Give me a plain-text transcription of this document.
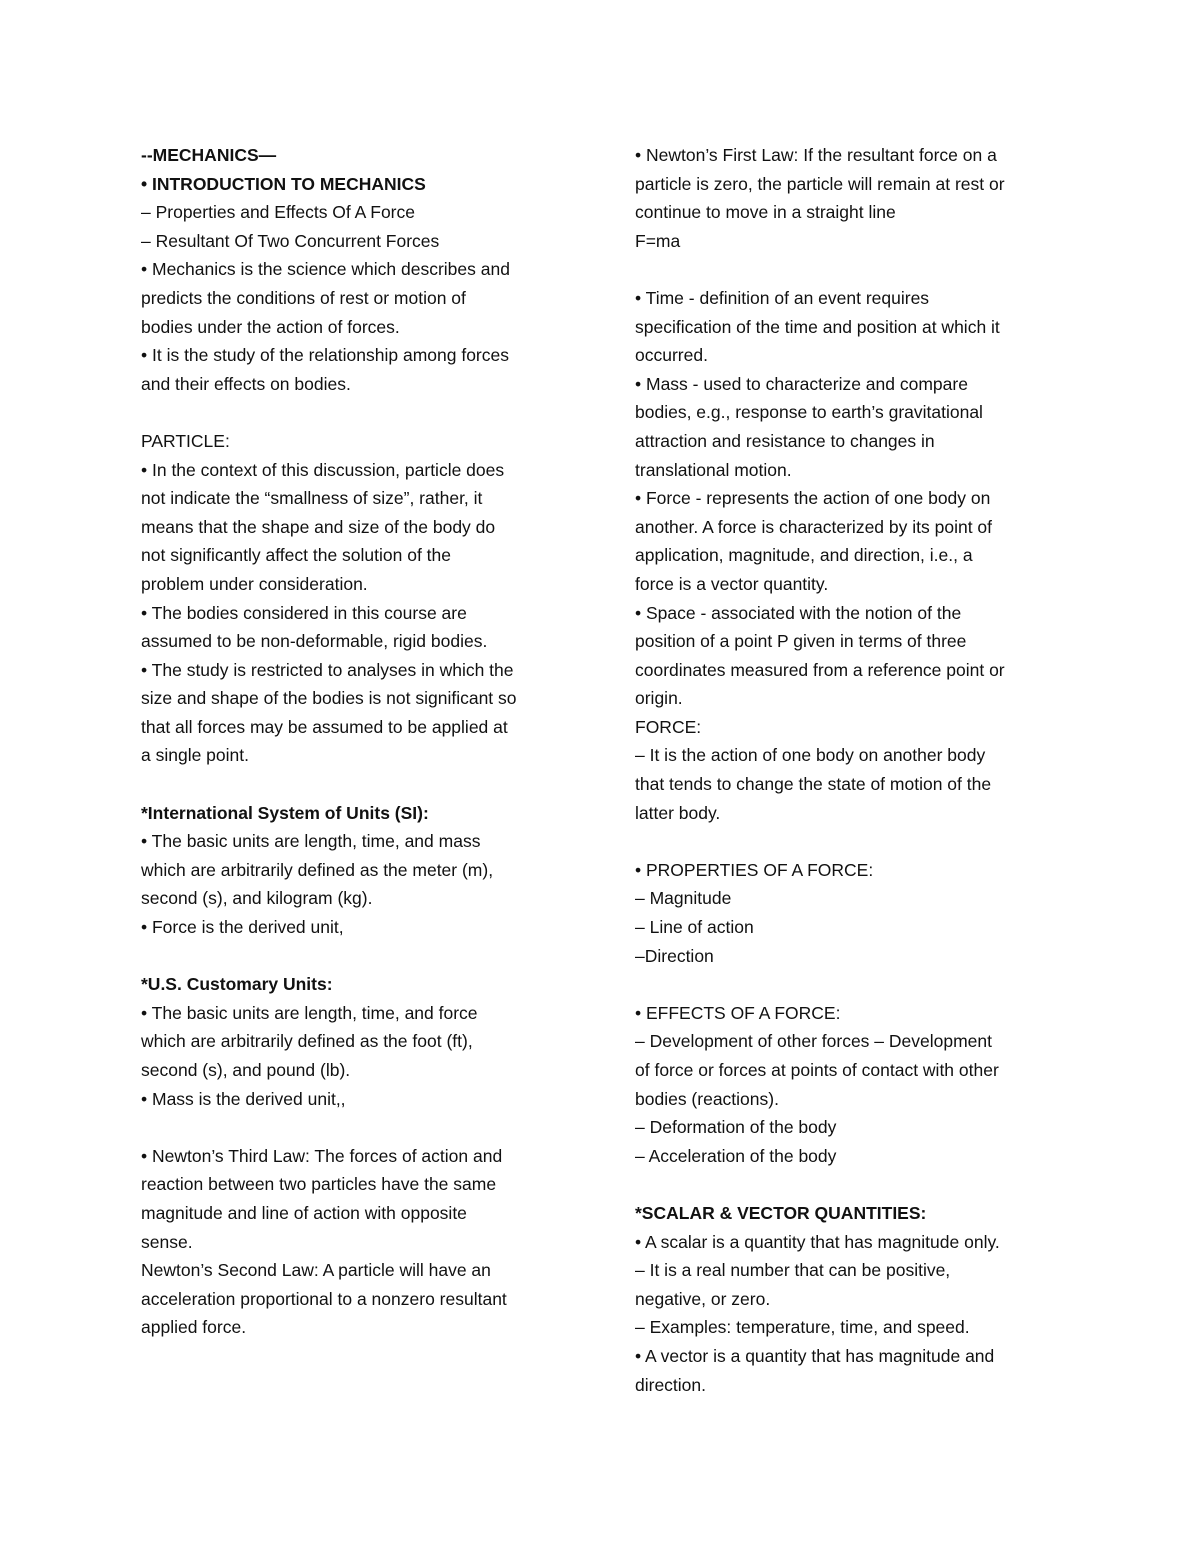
--MECHANICS—
• INTRODUCTION TO MECHANICS
– Properties and Effects Of A Force
– Resultant Of Two Concurrent Forces
• Mechanics is the science which describes and
predicts the conditions of rest or motion of
bodies under the action of forces.
• It is the study of the relationship among forces
and their effects on bodies.
PARTICLE:
• In the context of this discussion, particle does
not indicate the “smallness of size”, rather, it
means that the shape and size of the body do
not significantly affect the solution of the
problem under consideration.
• The bodies considered in this course are
assumed to be non-deformable, rigid bodies.
• The study is restricted to analyses in which the
size and shape of the bodies is not significant so
that all forces may be assumed to be applied at
a single point.
*International System of Units (SI):
• The basic units are length, time, and mass
which are arbitrarily defined as the meter (m),
second (s), and kilogram (kg).
• Force is the derived unit,
*U.S. Customary Units:
• The basic units are length, time, and force
which are arbitrarily defined as the foot (ft),
second (s), and pound (lb).
• Mass is the derived unit,,
• Newton’s Third Law: The forces of action and
reaction between two particles have the same
magnitude and line of action with opposite
sense.
Newton’s Second Law: A particle will have an
acceleration proportional to a nonzero resultant
applied force.
• Newton’s First Law: If the resultant force on a
particle is zero, the particle will remain at rest or
continue to move in a straight line
F=ma
• Time - definition of an event requires
specification of the time and position at which it
occurred.
• Mass - used to characterize and compare
bodies, e.g., response to earth’s gravitational
attraction and resistance to changes in
translational motion.
• Force - represents the action of one body on
another. A force is characterized by its point of
application, magnitude, and direction, i.e., a
force is a vector quantity.
• Space - associated with the notion of the
position of a point P given in terms of three
coordinates measured from a reference point or
origin.
FORCE:
– It is the action of one body on another body
that tends to change the state of motion of the
latter body.
• PROPERTIES OF A FORCE:
– Magnitude
– Line of action
–Direction
• EFFECTS OF A FORCE:
– Development of other forces – Development
of force or forces at points of contact with other
bodies (reactions).
– Deformation of the body
– Acceleration of the body
*SCALAR & VECTOR QUANTITIES:
• A scalar is a quantity that has magnitude only.
– It is a real number that can be positive,
negative, or zero.
– Examples: temperature, time, and speed.
• A vector is a quantity that has magnitude and
direction.
